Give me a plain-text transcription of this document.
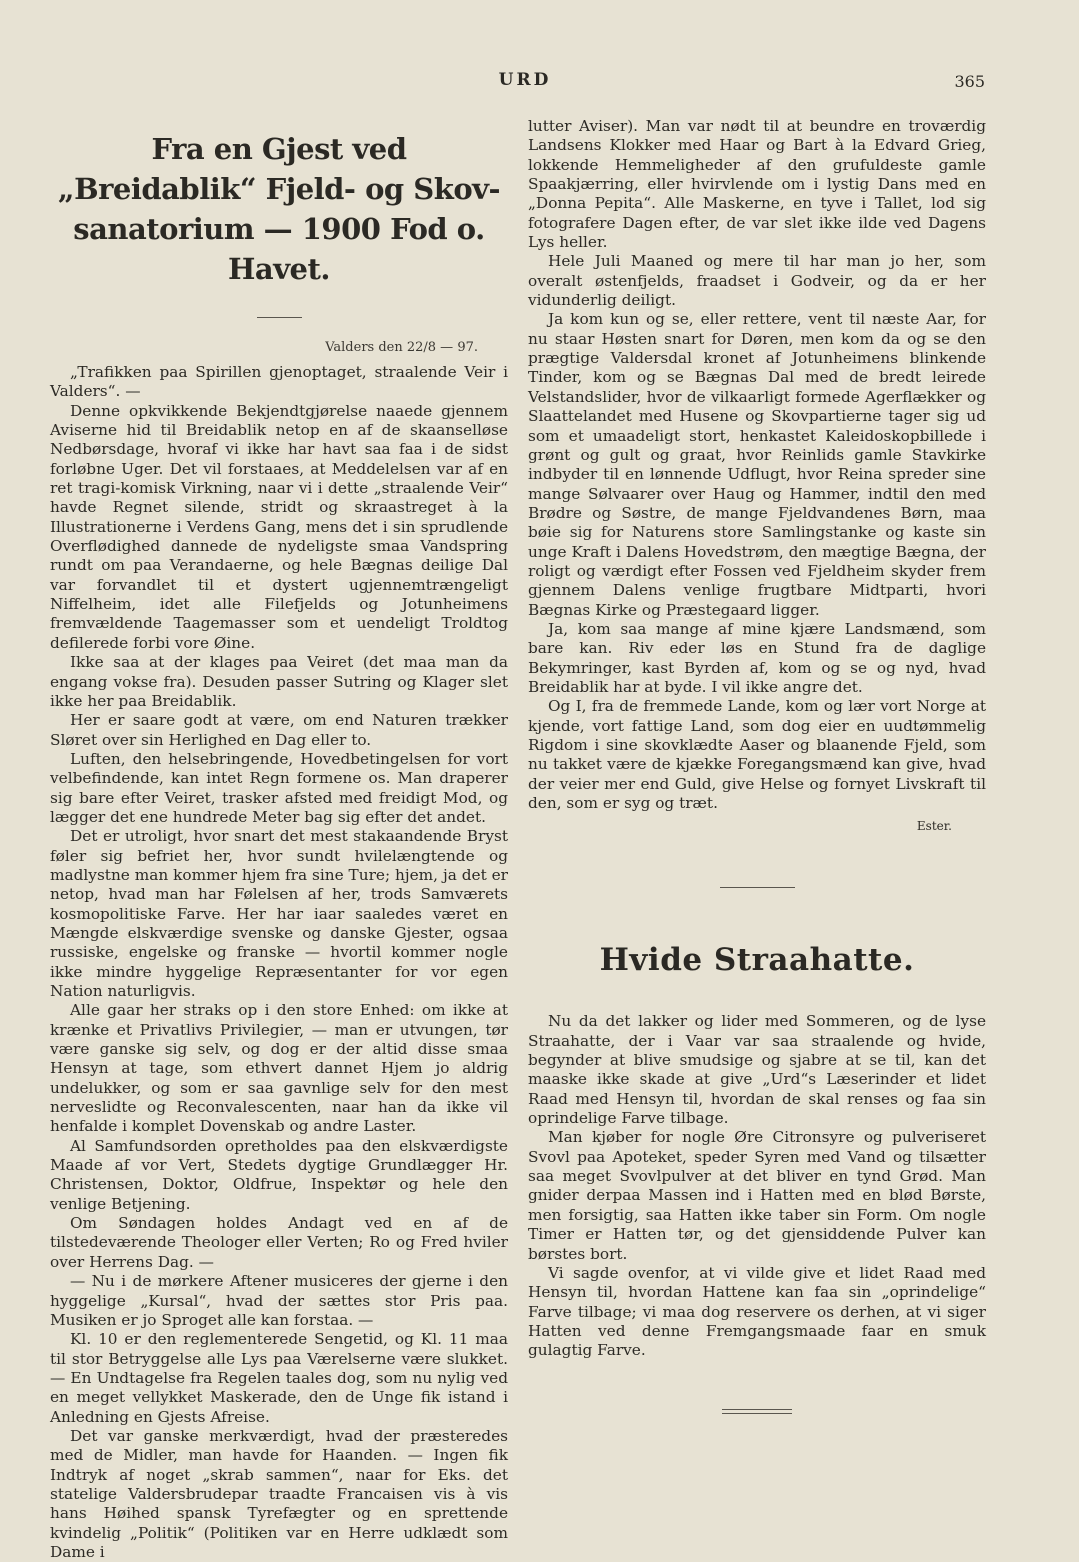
URD	365
Fra en Gjest ved „Breidablik“ Fjeld- og Skov-sanatorium — 1900 Fod o. Havet.
Valders den 22/8 — 97.

„Trafikken paa Spirillen gjenoptaget, straalende Veir i Valders“. —

Denne opkvikkende Bekjendtgjørelse naaede gjennem Aviserne hid til Breidablik netop en af de skaanselløse Nedbørsdage, hvoraf vi ikke har havt saa faa i de sidst forløbne Uger. Det vil forstaaes, at Meddelelsen var af en ret tragi-komisk Virkning, naar vi i dette „straalende Veir“ havde Regnet silende, stridt og skraastreget à la Illustrationerne i Verdens Gang, mens det i sin sprudlende Overflødighed dannede de nydeligste smaa Vandspring rundt om paa Verandaerne, og hele Bægnas deilige Dal var forvandlet til et dystert ugjennemtrængeligt Niffelheim, idet alle Filefjelds og Jotunheimens fremvældende Taagemasser som et uendeligt Troldtog defilerede forbi vore Øine.

Ikke saa at der klages paa Veiret (det maa man da engang vokse fra). Desuden passer Sutring og Klager slet ikke her paa Breidablik.

Her er saare godt at være, om end Naturen trækker Sløret over sin Herlighed en Dag eller to.

Luften, den helsebringende, Hovedbetingelsen for vort velbefindende, kan intet Regn formene os. Man draperer sig bare efter Veiret, trasker afsted med freidigt Mod, og lægger det ene hundrede Meter bag sig efter det andet.

Det er utroligt, hvor snart det mest stakaandende Bryst føler sig befriet her, hvor sundt hvilelængtende og madlystne man kommer hjem fra sine Ture; hjem, ja det er netop, hvad man har Følelsen af her, trods Samværets kosmopolitiske Farve. Her har iaar saaledes været en Mængde elskværdige svenske og danske Gjester, ogsaa russiske, engelske og franske — hvortil kommer nogle ikke mindre hyggelige Repræsentanter for vor egen Nation naturligvis.

Alle gaar her straks op i den store Enhed: om ikke at krænke et Privatlivs Privilegier, — man er utvungen, tør være ganske sig selv, og dog er der altid disse smaa Hensyn at tage, som ethvert dannet Hjem jo aldrig undelukker, og som er saa gavnlige selv for den mest nerveslidte og Reconvalescenten, naar han da ikke vil henfalde i komplet Dovenskab og andre Laster.

Al Samfundsorden opretholdes paa den elskværdigste Maade af vor Vert, Stedets dygtige Grundlægger Hr. Christensen, Doktor, Oldfrue, Inspektør og hele den venlige Betjening.

Om Søndagen holdes Andagt ved en af de tilstedeværende Theologer eller Verten; Ro og Fred hviler over Herrens Dag. —

— Nu i de mørkere Aftener musiceres der gjerne i den hyggelige „Kursal“, hvad der sættes stor Pris paa. Musiken er jo Sproget alle kan forstaa. —

Kl. 10 er den reglementerede Sengetid, og Kl. 11 maa til stor Betryggelse alle Lys paa Værelserne være slukket. — En Undtagelse fra Regelen taales dog, som nu nylig ved en meget vellykket Maskerade, den de Unge fik istand i Anledning en Gjests Afreise.

Det var ganske merkværdigt, hvad der præsteredes med de Midler, man havde for Haanden. — Ingen fik Indtryk af noget „skrab sammen“, naar for Eks. det statelige Valdersbrudepar traadte Francaisen vis à vis hans Høihed spansk Tyrefægter og en sprettende kvindelig „Politik“ (Politiken var en Herre udklædt som Dame i

lutter Aviser). Man var nødt til at beundre en troværdig Landsens Klokker med Haar og Bart à la Edvard Grieg, lokkende Hemmeligheder af den grufuldeste gamle Spaakjærring, eller hvirvlende om i lystig Dans med en „Donna Pepita“. Alle Maskerne, en tyve i Tallet, lod sig fotografere Dagen efter, de var slet ikke ilde ved Dagens Lys heller.

Hele Juli Maaned og mere til har man jo her, som overalt østenfjelds, fraadset i Godveir, og da er her vidunderlig deiligt.

Ja kom kun og se, eller rettere, vent til næste Aar, for nu staar Høsten snart for Døren, men kom da og se den prægtige Valdersdal kronet af Jotunheimens blinkende Tinder, kom og se Bægnas Dal med de bredt leirede Velstandslider, hvor de vilkaarligt formede Agerflækker og Slaattelandet med Husene og Skovpartierne tager sig ud som et umaadeligt stort, henkastet Kaleidoskopbillede i grønt og gult og graat, hvor Reinlids gamle Stavkirke indbyder til en lønnende Udflugt, hvor Reina spreder sine mange Sølvaarer over Haug og Hammer, indtil den med Brødre og Søstre, de mange Fjeldvandenes Børn, maa bøie sig for Naturens store Samlingstanke og kaste sin unge Kraft i Dalens Hovedstrøm, den mægtige Bægna, der roligt og værdigt efter Fossen ved Fjeldheim skyder frem gjennem Dalens venlige frugtbare Midtparti, hvori Bægnas Kirke og Præstegaard ligger.

Ja, kom saa mange af mine kjære Landsmænd, som bare kan. Riv eder løs en Stund fra de daglige Bekymringer, kast Byrden af, kom og se og nyd, hvad Breidablik har at byde. I vil ikke angre det.

Og I, fra de fremmede Lande, kom og lær vort Norge at kjende, vort fattige Land, som dog eier en uudtømmelig Rigdom i sine skovklædte Aaser og blaanende Fjeld, som nu takket være de kjække Foregangsmænd kan give, hvad der veier mer end Guld, give Helse og fornyet Livskraft til den, som er syg og træt.

Ester.
Hvide Straahatte.

Nu da det lakker og lider med Sommeren, og de lyse Straahatte, der i Vaar var saa straalende og hvide, begynder at blive smudsige og sjabre at se til, kan det maaske ikke skade at give „Urd“s Læserinder et lidet Raad med Hensyn til, hvordan de skal renses og faa sin oprindelige Farve tilbage.

Man kjøber for nogle Øre Citronsyre og pulveriseret Svovl paa Apoteket, speder Syren med Vand og tilsætter saa meget Svovlpulver at det bliver en tynd Grød. Man gnider derpaa Massen ind i Hatten med en blød Børste, men forsigtig, saa Hatten ikke taber sin Form. Om nogle Timer er Hatten tør, og det gjensiddende Pulver kan børstes bort.

Vi sagde ovenfor, at vi vilde give et lidet Raad med Hensyn til, hvordan Hattene kan faa sin „oprindelige“ Farve tilbage; vi maa dog reservere os derhen, at vi siger Hatten ved denne Fremgangsmaade faar en smuk gulagtig Farve.
